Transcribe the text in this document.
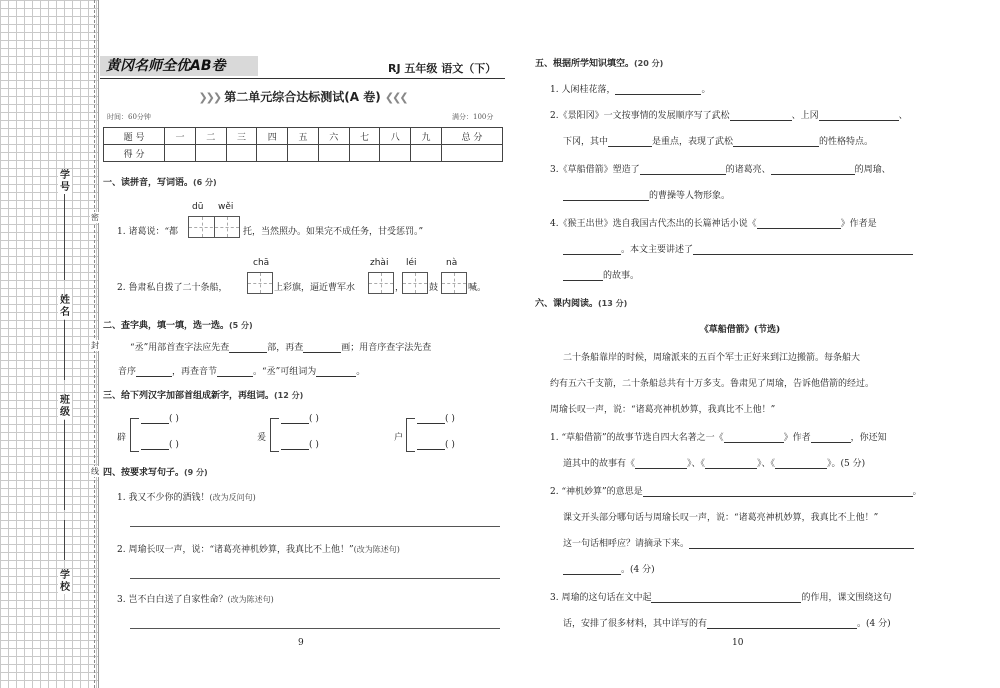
学号
姓名
班级
学校
密
封
线
黄冈名师全优AB卷	RJ 五年级 语文（下）
❯❯❯ 第二单元综合达标测试(A 卷) ❮❮❮
时间：60分钟	满分：100分
题 号	一	二	三	四	五	六	七	八	九	总 分
得 分										
一、读拼音，写词语。(6 分)
dū wěi
1. 诸葛说：“都	托，当然照办。如果完不成任务，甘受惩罚。”
chā	zhài léi	nà
2. 鲁肃私自拨了二十条船，	上彩旗，逼近曹军水	，	鼓	喊。
二、查字典，填一填，选一选。(5 分)
“丞”用部首查字法应先查	部，再查	画；用音序查字法先查
音序	，再查音节	。“丞”可组词为	。
三、给下列汉字加部首组成新字，再组词。(12 分)
辟
( )
( )
爰
( )
( )
户
( )
( )
四、按要求写句子。(9 分)
1. 我又不少你的酒钱！(改为反问句)
2. 周瑜长叹一声，说：“诸葛亮神机妙算，我真比不上他！”(改为陈述句)
3. 岂不白白送了自家性命？(改为陈述句)
9
五、根据所学知识填空。(20 分)
1. 人闲桂花落，	。
2.《景阳冈》一文按事情的发展顺序写了武松	、上冈	、
下冈，其中	是重点，表现了武松	的性格特点。
3.《草船借箭》塑造了	的诸葛亮、	的周瑜、
的曹操等人物形象。
4.《猴王出世》选自我国古代杰出的长篇神话小说《	》作者是
。本文主要讲述了
的故事。
六、课内阅读。(13 分)
《草船借箭》(节选)
二十条船靠岸的时候，周瑜派来的五百个军士正好来到江边搬箭。每条船大
约有五六千支箭，二十条船总共有十万多支。鲁肃见了周瑜，告诉他借箭的经过。
周瑜长叹一声，说：“诸葛亮神机妙算，我真比不上他！”
1. “草船借箭”的故事节选自四大名著之一《	》作者	，你还知
道其中的故事有《	》、《	》、《	》。(5 分)
2. “神机妙算”的意思是	。
课文开头部分哪句话与周瑜长叹一声，说：“诸葛亮神机妙算，我真比不上他！”
这一句话相呼应？请摘录下来。
。(4 分)
3. 周瑜的这句话在文中起	的作用，课文围绕这句
话，安排了很多材料，其中详写的有	。(4 分)
10
